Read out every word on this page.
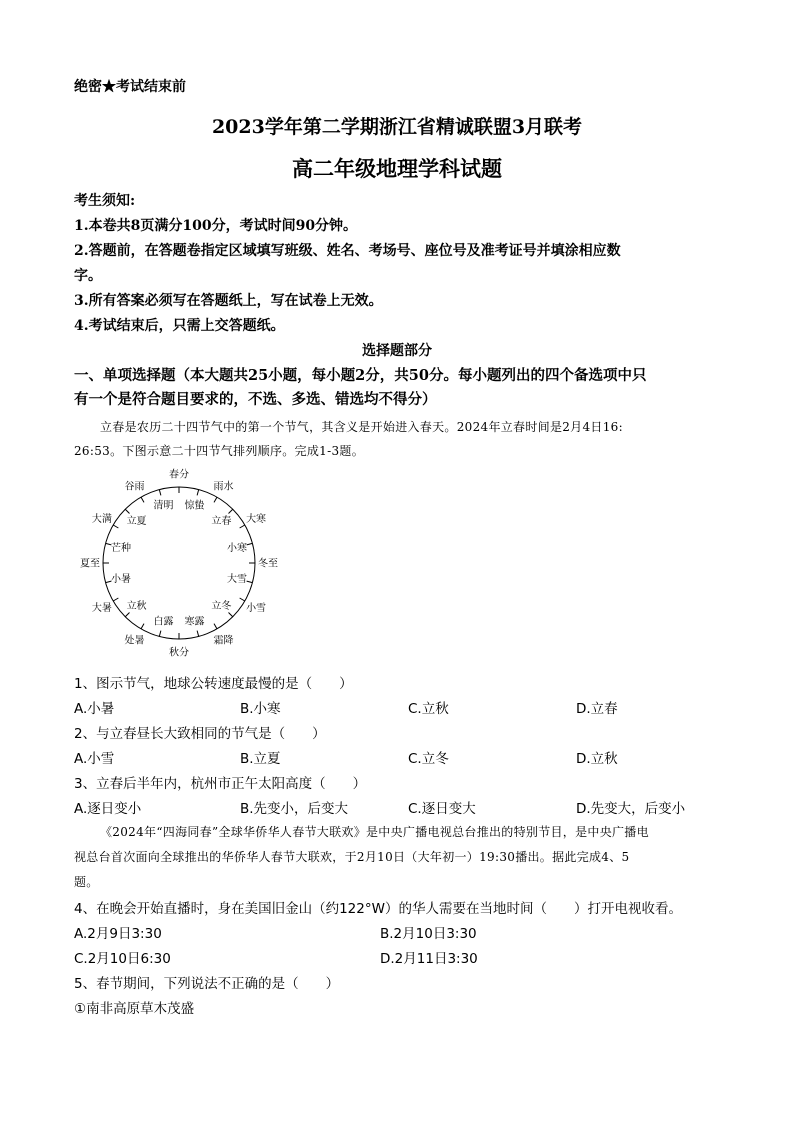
绝密★考试结束前
2023学年第二学期浙江省精诚联盟3月联考
高二年级地理学科试题
考生须知:
1.本卷共8页满分100分，考试时间90分钟。
2.答题前，在答题卷指定区域填写班级、姓名、考场号、座位号及准考证号并填涂相应数
字。
3.所有答案必须写在答题纸上，写在试卷上无效。
4.考试结束后，只需上交答题纸。
选择题部分
一、单项选择题（本大题共25小题，每小题2分，共50分。每小题列出的四个备选项中只
有一个是符合题目要求的，不选、多选、错选均不得分）
立春是农历二十四节气中的第一个节气，其含义是开始进入春天。2024年立春时间是2月4日16:
26:53。下图示意二十四节气排列顺序。完成1-3题。
春分
雨水
大寒
冬至
小雪
霜降
秋分
处暑
大暑
夏至
大满
谷雨
惊蛰
立春
小寒
大雪
立冬
寒露
白露
立秋
小暑
芒种
立夏
清明
1、图示节气，地球公转速度最慢的是（　　）
A.小暑	B.小寒	C.立秋	D.立春
2、与立春昼长大致相同的节气是（　　）
A.小雪	B.立夏	C.立冬	D.立秋
3、立春后半年内，杭州市正午太阳高度（　　）
A.逐日变小	B.先变小，后变大	C.逐日变大	D.先变大，后变小
《2024年“四海同春”全球华侨华人春节大联欢》是中央广播电视总台推出的特别节目，是中央广播电
视总台首次面向全球推出的华侨华人春节大联欢，于2月10日（大年初一）19:30播出。据此完成4、5
题。
4、在晚会开始直播时，身在美国旧金山（约122°W）的华人需要在当地时间（　　）打开电视收看。
A.2月9日3:30	B.2月10日3:30
C.2月10日6:30	D.2月11日3:30
5、春节期间，下列说法不正确的是（　　）
①南非高原草木茂盛
